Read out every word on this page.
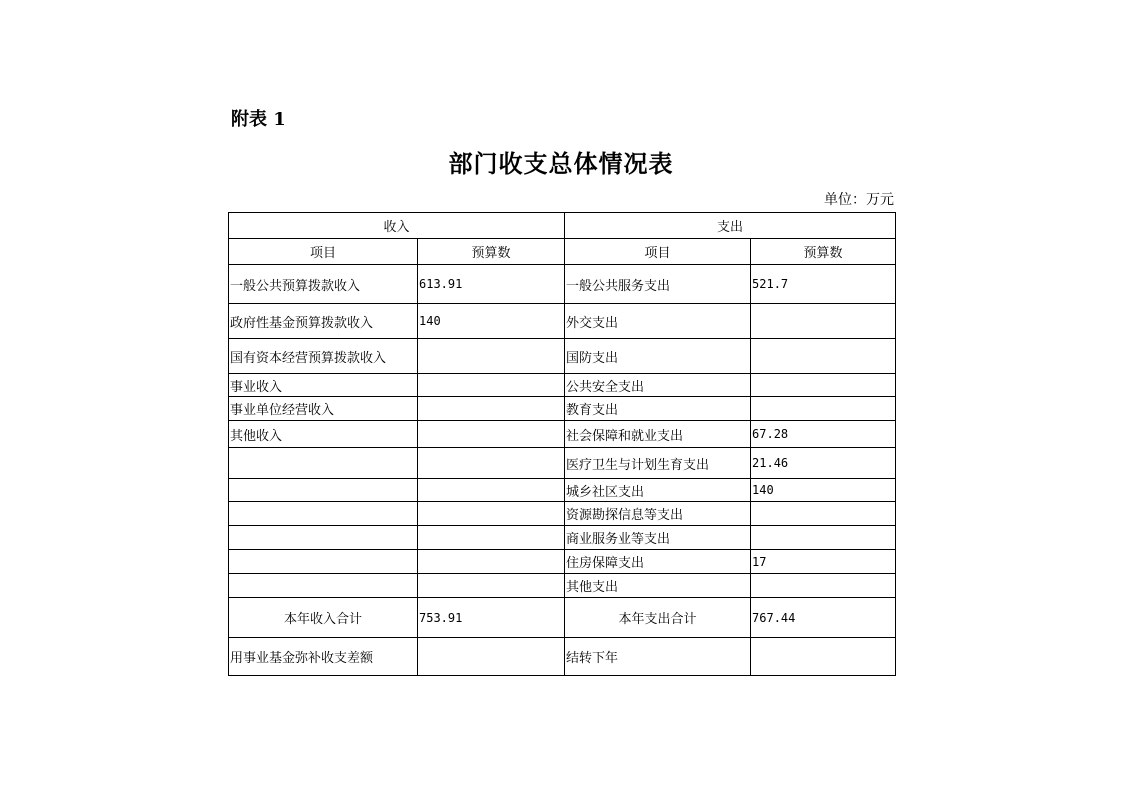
附表 1
部门收支总体情况表
单位：万元
收入		支出	
项目	预算数	项目	预算数
一般公共预算拨款收入	613.91	一般公共服务支出	521.7
政府性基金预算拨款收入	140	外交支出	
国有资本经营预算拨款收入		国防支出	
事业收入		公共安全支出	
事业单位经营收入		教育支出	
其他收入		社会保障和就业支出	67.28
		医疗卫生与计划生育支出	21.46
		城乡社区支出	140
		资源勘探信息等支出	
		商业服务业等支出	
		住房保障支出	17
		其他支出	
本年收入合计	753.91	本年支出合计	767.44
用事业基金弥补收支差额		结转下年	
